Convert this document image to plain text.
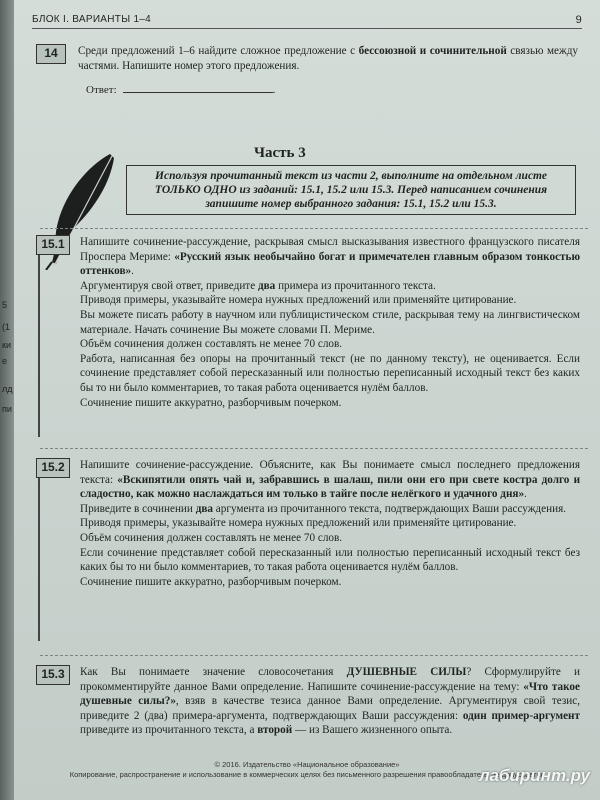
5
(1
ки
е
лд
пи
БЛОК I. ВАРИАНТЫ 1–4	9
14	Среди предложений 1–6 найдите сложное предложение с бессоюзной и сочинительной связью между частями. Напишите номер этого предложения.

Ответ:	.
Часть 3
Используя прочитанный текст из части 2, выполните на отдельном листе ТОЛЬКО ОДНО из заданий: 15.1, 15.2 или 15.3. Перед написанием сочинения запишите номер выбранного задания: 15.1, 15.2 или 15.3.
15.1	Напишите сочинение-рассуждение, раскрывая смысл высказывания известного французского писателя Проспера Мериме: «Русский язык необычайно богат и примечателен главным образом тонкостью оттенков».

Аргументируя свой ответ, приведите два примера из прочитанного текста.

Приводя примеры, указывайте номера нужных предложений или применяйте цитирование.

Вы можете писать работу в научном или публицистическом стиле, раскрывая тему на лингвистическом материале. Начать сочинение Вы можете словами П. Мериме.

Объём сочинения должен составлять не менее 70 слов.

Работа, написанная без опоры на прочитанный текст (не по данному тексту), не оценивается. Если сочинение представляет собой пересказанный или полностью переписанный исходный текст без каких бы то ни было комментариев, то такая работа оценивается нулём баллов.

Сочинение пишите аккуратно, разборчивым почерком.

15.2	Напишите сочинение-рассуждение. Объясните, как Вы понимаете смысл последнего предложения текста: «Вскипятили опять чай и, забравшись в шалаш, пили они его при свете костра долго и сладостно, как можно наслаждаться им только в тайге после нелёгкого и удачного дня».

Приведите в сочинении два аргумента из прочитанного текста, подтверждающих Ваши рассуждения.

Приводя примеры, указывайте номера нужных предложений или применяйте цитирование.

Объём сочинения должен составлять не менее 70 слов.

Если сочинение представляет собой пересказанный или полностью переписанный исходный текст без каких бы то ни было комментариев, то такая работа оценивается нулём баллов.

Сочинение пишите аккуратно, разборчивым почерком.

15.3	Как Вы понимаете значение словосочетания ДУШЕВНЫЕ СИЛЫ? Сформулируйте и прокомментируйте данное Вами определение. Напишите сочинение-рассуждение на тему: «Что такое душевные силы?», взяв в качестве тезиса данное Вами определение. Аргументируя свой тезис, приведите 2 (два) примера-аргумента, подтверждающих Ваши рассуждения: один пример-аргумент приведите из прочитанного текста, а второй — из Вашего жизненного опыта.

© 2016. Издательство «Национальное образование»
Копирование, распространение и использование в коммерческих целях без письменного разрешения правообладателя не допускается
лабиринт.ру
